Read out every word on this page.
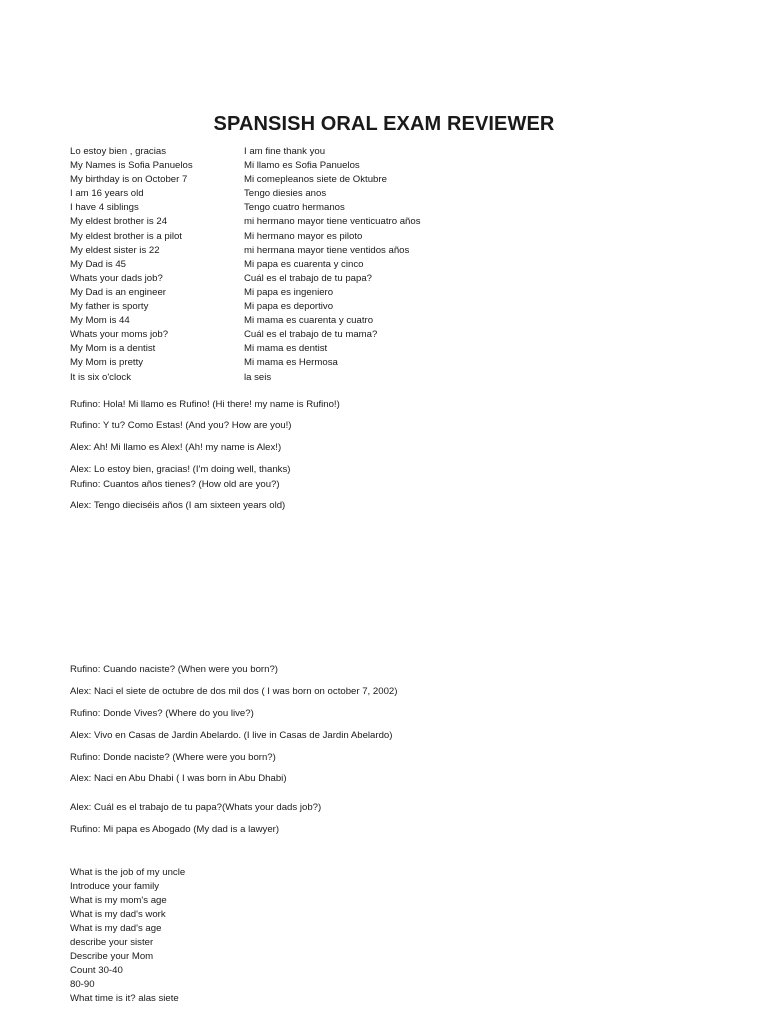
SPANSISH ORAL EXAM REVIEWER
Lo estoy bien , gracias	I am fine thank you
My Names is Sofia Panuelos	Mi llamo es Sofia Panuelos
My birthday is on October 7	Mi comepleanos siete de Oktubre
I am 16 years old	Tengo diesies anos
I have 4 siblings	Tengo cuatro hermanos
My eldest brother is 24	mi hermano mayor tiene venticuatro años
My eldest brother is a pilot	Mi hermano mayor es piloto
My eldest sister is 22	mi hermana mayor tiene ventidos años
My Dad is 45	Mi papa es cuarenta y cinco
Whats your dads job?	Cuál es el trabajo de tu papa?
My Dad is an engineer	Mi papa es ingeniero
My father is sporty	Mi papa es deportivo
My Mom is 44	Mi mama es cuarenta y cuatro
Whats your moms job?	Cuál es el trabajo de tu mama?
My Mom is a dentist	Mi mama es dentist
My Mom is pretty	Mi mama es Hermosa
It is six o'clock	la seis
Rufino: Hola! Mi llamo es Rufino! (Hi there! my name is Rufino!)
Rufino: Y tu? Como Estas! (And you? How are you!)
Alex: Ah! Mi llamo es Alex! (Ah! my name is Alex!)
Alex: Lo estoy bien, gracias! (I'm doing well, thanks)
Rufino: Cuantos años tienes? (How old are you?)
Alex: Tengo dieciséis años (I am sixteen years old)
Rufino: Cuando naciste? (When were you born?)
Alex: Naci el siete de octubre de dos mil dos ( I was born on october 7, 2002)
Rufino: Donde Vives? (Where do you live?)
Alex: Vivo en Casas de Jardin Abelardo. (I live in Casas de Jardin Abelardo)
Rufino: Donde naciste? (Where were you born?)
Alex: Naci en Abu Dhabi ( I was born in Abu Dhabi)
Alex: Cuál es el trabajo de tu papa?(Whats your dads job?)
Rufino: Mi papa es Abogado (My dad is a lawyer)
What is the job of my uncle
Introduce your family
What is my mom's age
What is my dad's work
What is my dad's age
describe your sister
Describe your Mom
Count 30-40
80-90
What time is it? alas siete
